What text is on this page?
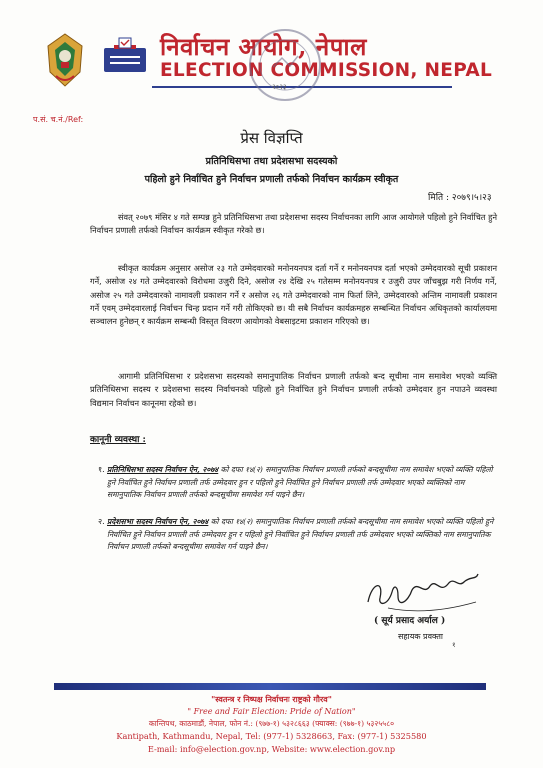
निर्वाचन आयोग, नेपाल
ELECTION COMMISSION, NEPAL
२०२३
प.सं. च.नं./Ref:
प्रेस विज्ञप्ति
प्रतिनिधिसभा तथा प्रदेशसभा सदस्यको
पहिलो हुने निर्वाचित हुने निर्वाचन प्रणाली तर्फको निर्वाचन कार्यक्रम स्वीकृत
मिति : २०७९।५।२३
संवत् २०७९ मंसिर ४ गते सम्पन्न हुने प्रतिनिधिसभा तथा प्रदेशसभा सदस्य निर्वाचनका लागि आज आयोगले पहिलो हुने निर्वाचित हुने निर्वाचन प्रणाली तर्फको निर्वाचन कार्यक्रम स्वीकृत गरेको छ।
स्वीकृत कार्यक्रम अनुसार असोज २३ गते उम्मेदवारको मनोनयनपत्र दर्ता गर्ने र मनोनयनपत्र दर्ता भएको उम्मेदवारको सूची प्रकाशन गर्ने, असोज २४ गते उम्मेदवारको विरोधमा उजुरी दिने, असोज २४ देखि २५ गतेसम्म मनोनयनपत्र र उजुरी उपर जाँचबुझ गरी निर्णय गर्ने, असोज २५ गते उम्मेदवारको नामावली प्रकाशन गर्ने र असोज २६ गते उम्मेदवारको नाम फिर्ता लिने, उम्मेदवारको अन्तिम नामावली प्रकाशन गर्ने एवम् उम्मेदवारलाई निर्वाचन चिन्ह प्रदान गर्ने गरी तोकिएको छ। यी सबै निर्वाचन कार्यक्रमहरु सम्बन्धित निर्वाचन अधिकृतको कार्यालयमा सञ्चालन हुनेछन् र कार्यक्रम सम्बन्धी विस्तृत विवरण आयोगको वेबसाइटमा प्रकाशन गरिएको छ।
आगामी प्रतिनिधिसभा र प्रदेशसभा सदस्यको समानुपातिक निर्वाचन प्रणाली तर्फको बन्द सूचीमा नाम समावेश भएको व्यक्ति प्रतिनिधिसभा सदस्य र प्रदेशसभा सदस्य निर्वाचनको पहिलो हुने निर्वाचित हुने निर्वाचन प्रणाली तर्फको उम्मेदवार हुन नपाउने व्यवस्था विद्यमान निर्वाचन कानूनमा रहेको छ।
कानूनी व्यवस्था :
१. प्रतिनिधिसभा सदस्य निर्वाचन ऐन, २०७४ को दफा १४(२) समानुपातिक निर्वाचन प्रणाली तर्फको बन्दसूचीमा नाम समावेश भएको व्यक्ति पहिलो हुने निर्वाचित हुने निर्वाचन प्रणाली तर्फ उम्मेदवार हुन र पहिलो हुने निर्वाचित हुने निर्वाचन प्रणाली तर्फ उम्मेदवार भएको व्यक्तिको नाम समानुपातिक निर्वाचन प्रणाली तर्फको बन्दसूचीमा समावेश गर्न पाइने छैन।
२. प्रदेशसभा सदस्य निर्वाचन ऐन, २०७४ को दफा १४(२) समानुपातिक निर्वाचन प्रणाली तर्फको बन्दसूचीमा नाम समावेश भएको व्यक्ति पहिलो हुने निर्वाचित हुने निर्वाचन प्रणाली तर्फ उम्मेदवार हुन र पहिलो हुने निर्वाचित हुने निर्वाचन प्रणाली तर्फ उम्मेदवार भएको व्यक्तिको नाम समानुपातिक निर्वाचन प्रणाली तर्फको बन्दसूचीमा समावेश गर्न पाइने छैन।
( सूर्य प्रसाद अर्याल )
सहायक प्रवक्ता
१
"स्वतन्त्र र निष्पक्ष निर्वाचनः राष्ट्रको गौरव"
" Free and Fair Election: Pride of Nation"
कान्तिपथ, काठमाडौं, नेपाल, फोन नं.: (९७७-१) ५३२८६६३ (फ्याक्स: (९७७-१) ५३२५५८०
Kantipath, Kathmandu, Nepal, Tel: (977-1) 5328663, Fax: (977-1) 5325580
E-mail: info@election.gov.np, Website: www.election.gov.np
